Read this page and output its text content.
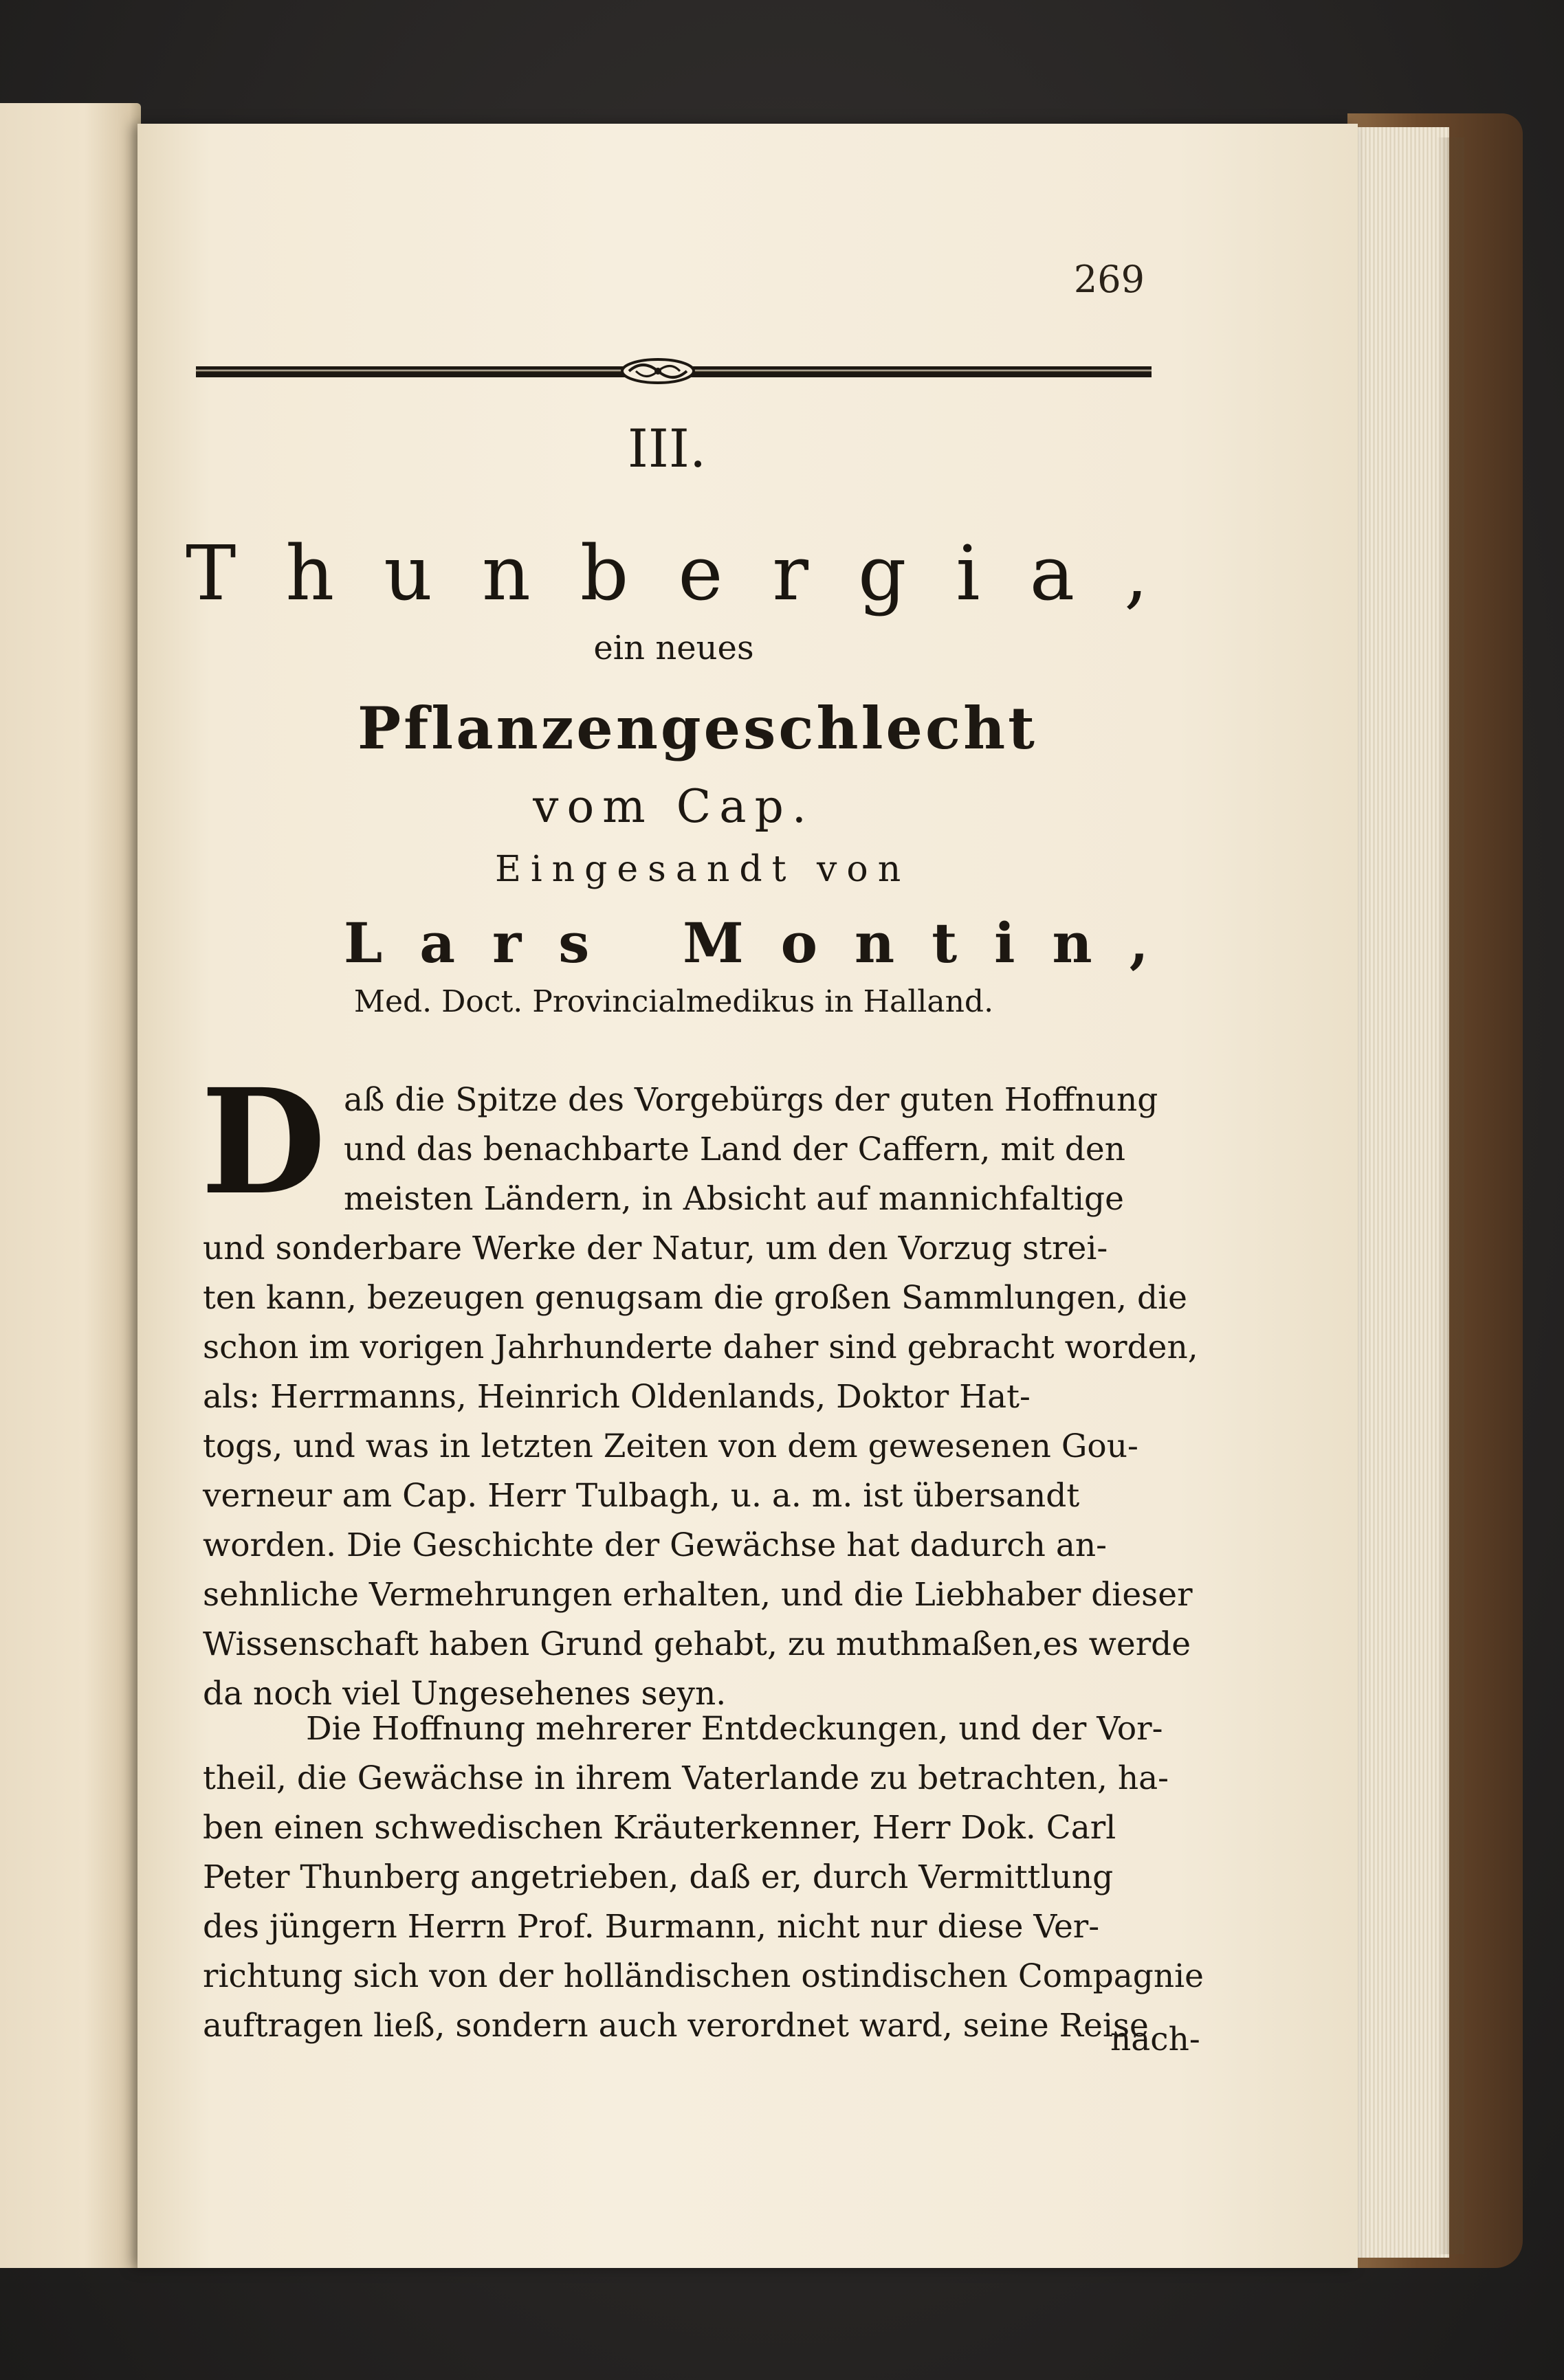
269
III.
Thunbergia,
ein neues
Pflanzengeschlecht
vom Cap.
Eingesandt von
Lars Montin,
Med. Doct. Provincialmedikus in Halland.
D aß die Spitze des Vorgebürgs der guten Hoffnung
und das benachbarte Land der Caffern, mit den
meisten Ländern, in Absicht auf mannichfaltige
und sonderbare Werke der Natur, um den Vorzug strei-
ten kann, bezeugen genugsam die großen Sammlungen, die
schon im vorigen Jahrhunderte daher sind gebracht worden,
als: Herrmanns, Heinrich Oldenlands, Doktor Hat-
togs, und was in letzten Zeiten von dem gewesenen Gou-
verneur am Cap. Herr Tulbagh, u. a. m. ist übersandt
worden. Die Geschichte der Gewächse hat dadurch an-
sehnliche Vermehrungen erhalten, und die Liebhaber dieser
Wissenschaft haben Grund gehabt, zu muthmaßen,es werde
da noch viel Ungesehenes seyn.
Die Hoffnung mehrerer Entdeckungen, und der Vor-
theil, die Gewächse in ihrem Vaterlande zu betrachten, ha-
ben einen schwedischen Kräuterkenner, Herr Dok. Carl
Peter Thunberg angetrieben, daß er, durch Vermittlung
des jüngern Herrn Prof. Burmann, nicht nur diese Ver-
richtung sich von der holländischen ostindischen Compagnie
auftragen ließ, sondern auch verordnet ward, seine Reise
nach-
